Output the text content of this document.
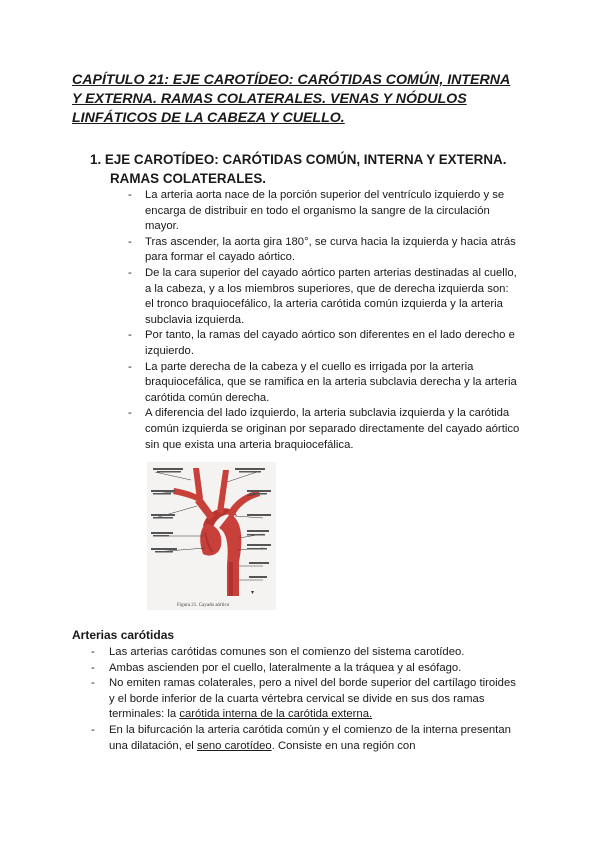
CAPÍTULO 21: EJE CAROTÍDEO: CARÓTIDAS COMÚN, INTERNA Y EXTERNA. RAMAS COLATERALES. VENAS Y NÓDULOS LINFÁTICOS DE LA CABEZA Y CUELLO.
1. EJE CAROTÍDEO: CARÓTIDAS COMÚN, INTERNA Y EXTERNA. RAMAS COLATERALES.
- La arteria aorta nace de la porción superior del ventrículo izquierdo y se encarga de distribuir en todo el organismo la sangre de la circulación mayor.
- Tras ascender, la aorta gira 180°, se curva hacia la izquierda y hacia atrás para formar el cayado aórtico.
- De la cara superior del cayado aórtico parten arterias destinadas al cuello, a la cabeza, y a los miembros superiores, que de derecha izquierda son: el tronco braquiocefálico, la arteria carótida común izquierda y la arteria subclavia izquierda.
- Por tanto, la ramas del cayado aórtico son diferentes en el lado derecho e izquierdo.
- La parte derecha de la cabeza y el cuello es irrigada por la arteria braquiocefálica, que se ramifica en la arteria subclavia derecha y la arteria carótida común derecha.
- A diferencia del lado izquierdo, la arteria subclavia izquierda y la carótida común izquierda se originan por separado directamente del cayado aórtico sin que exista una arteria braquiocefálica.
Figura 21. Cayado aórtico
▾
Arterias carótidas
- Las arterias carótidas comunes son el comienzo del sistema carotídeo.
- Ambas ascienden por el cuello, lateralmente a la tráquea y al esófago.
- No emiten ramas colaterales, pero a nivel del borde superior del cartílago tiroides y el borde inferior de la cuarta vértebra cervical se divide en sus dos ramas terminales: la carótida interna de la carótida externa.
- En la bifurcación la arteria carótida común y el comienzo de la interna presentan una dilatación, el seno carotídeo. Consiste en una región con
